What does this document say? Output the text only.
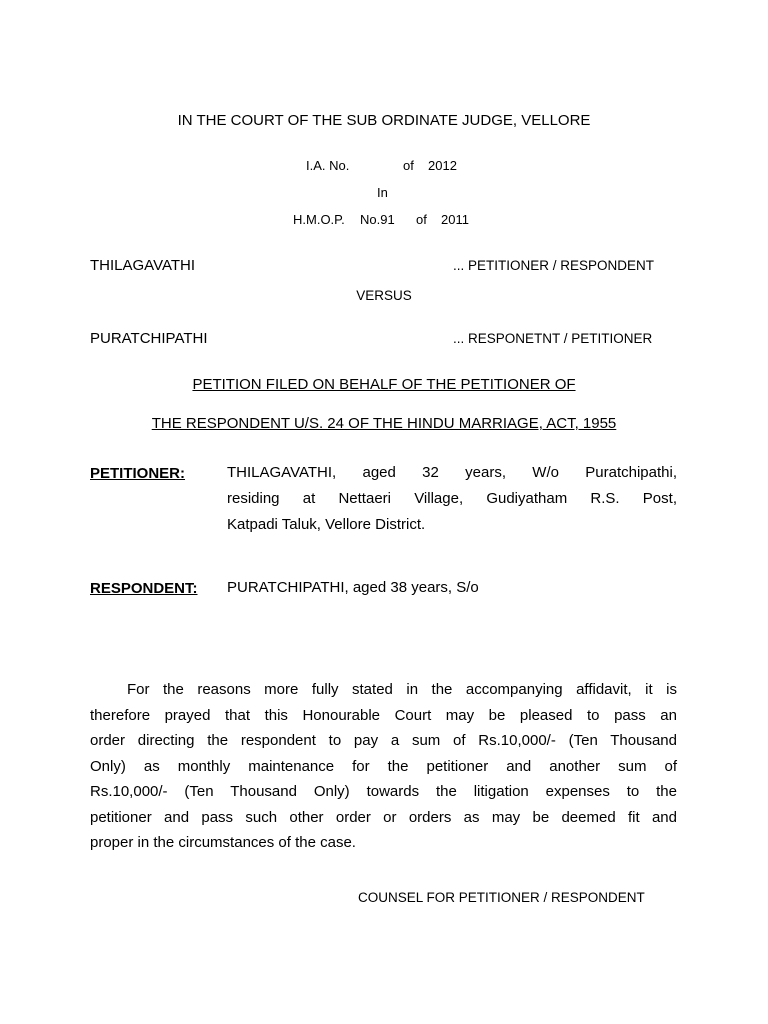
IN THE COURT OF THE SUB ORDINATE JUDGE, VELLORE
I.A. No.	of 2012
In
H.M.O.P. No.91 of 2011
THILAGAVATHI	... PETITIONER / RESPONDENT
VERSUS
PURATCHIPATHI	... RESPONETNT / PETITIONER
PETITION FILED ON BEHALF OF THE PETITIONER OF
THE RESPONDENT U/S. 24 OF THE HINDU MARRIAGE, ACT, 1955
PETITIONER:	THILAGAVATHI, aged 32 years, W/o Puratchipathi,
residing at Nettaeri Village, Gudiyatham R.S. Post,
Katpadi Taluk, Vellore District.
RESPONDENT: PURATCHIPATHI, aged 38 years, S/o
For the reasons more fully stated in the accompanying affidavit, it is
therefore prayed that this Honourable Court may be pleased to pass an
order directing the respondent to pay a sum of Rs.10,000/- (Ten Thousand
Only) as monthly maintenance for the petitioner and another sum of
Rs.10,000/- (Ten Thousand Only) towards the litigation expenses to the
petitioner and pass such other order or orders as may be deemed fit and
proper in the circumstances of the case.
COUNSEL FOR PETITIONER / RESPONDENT
